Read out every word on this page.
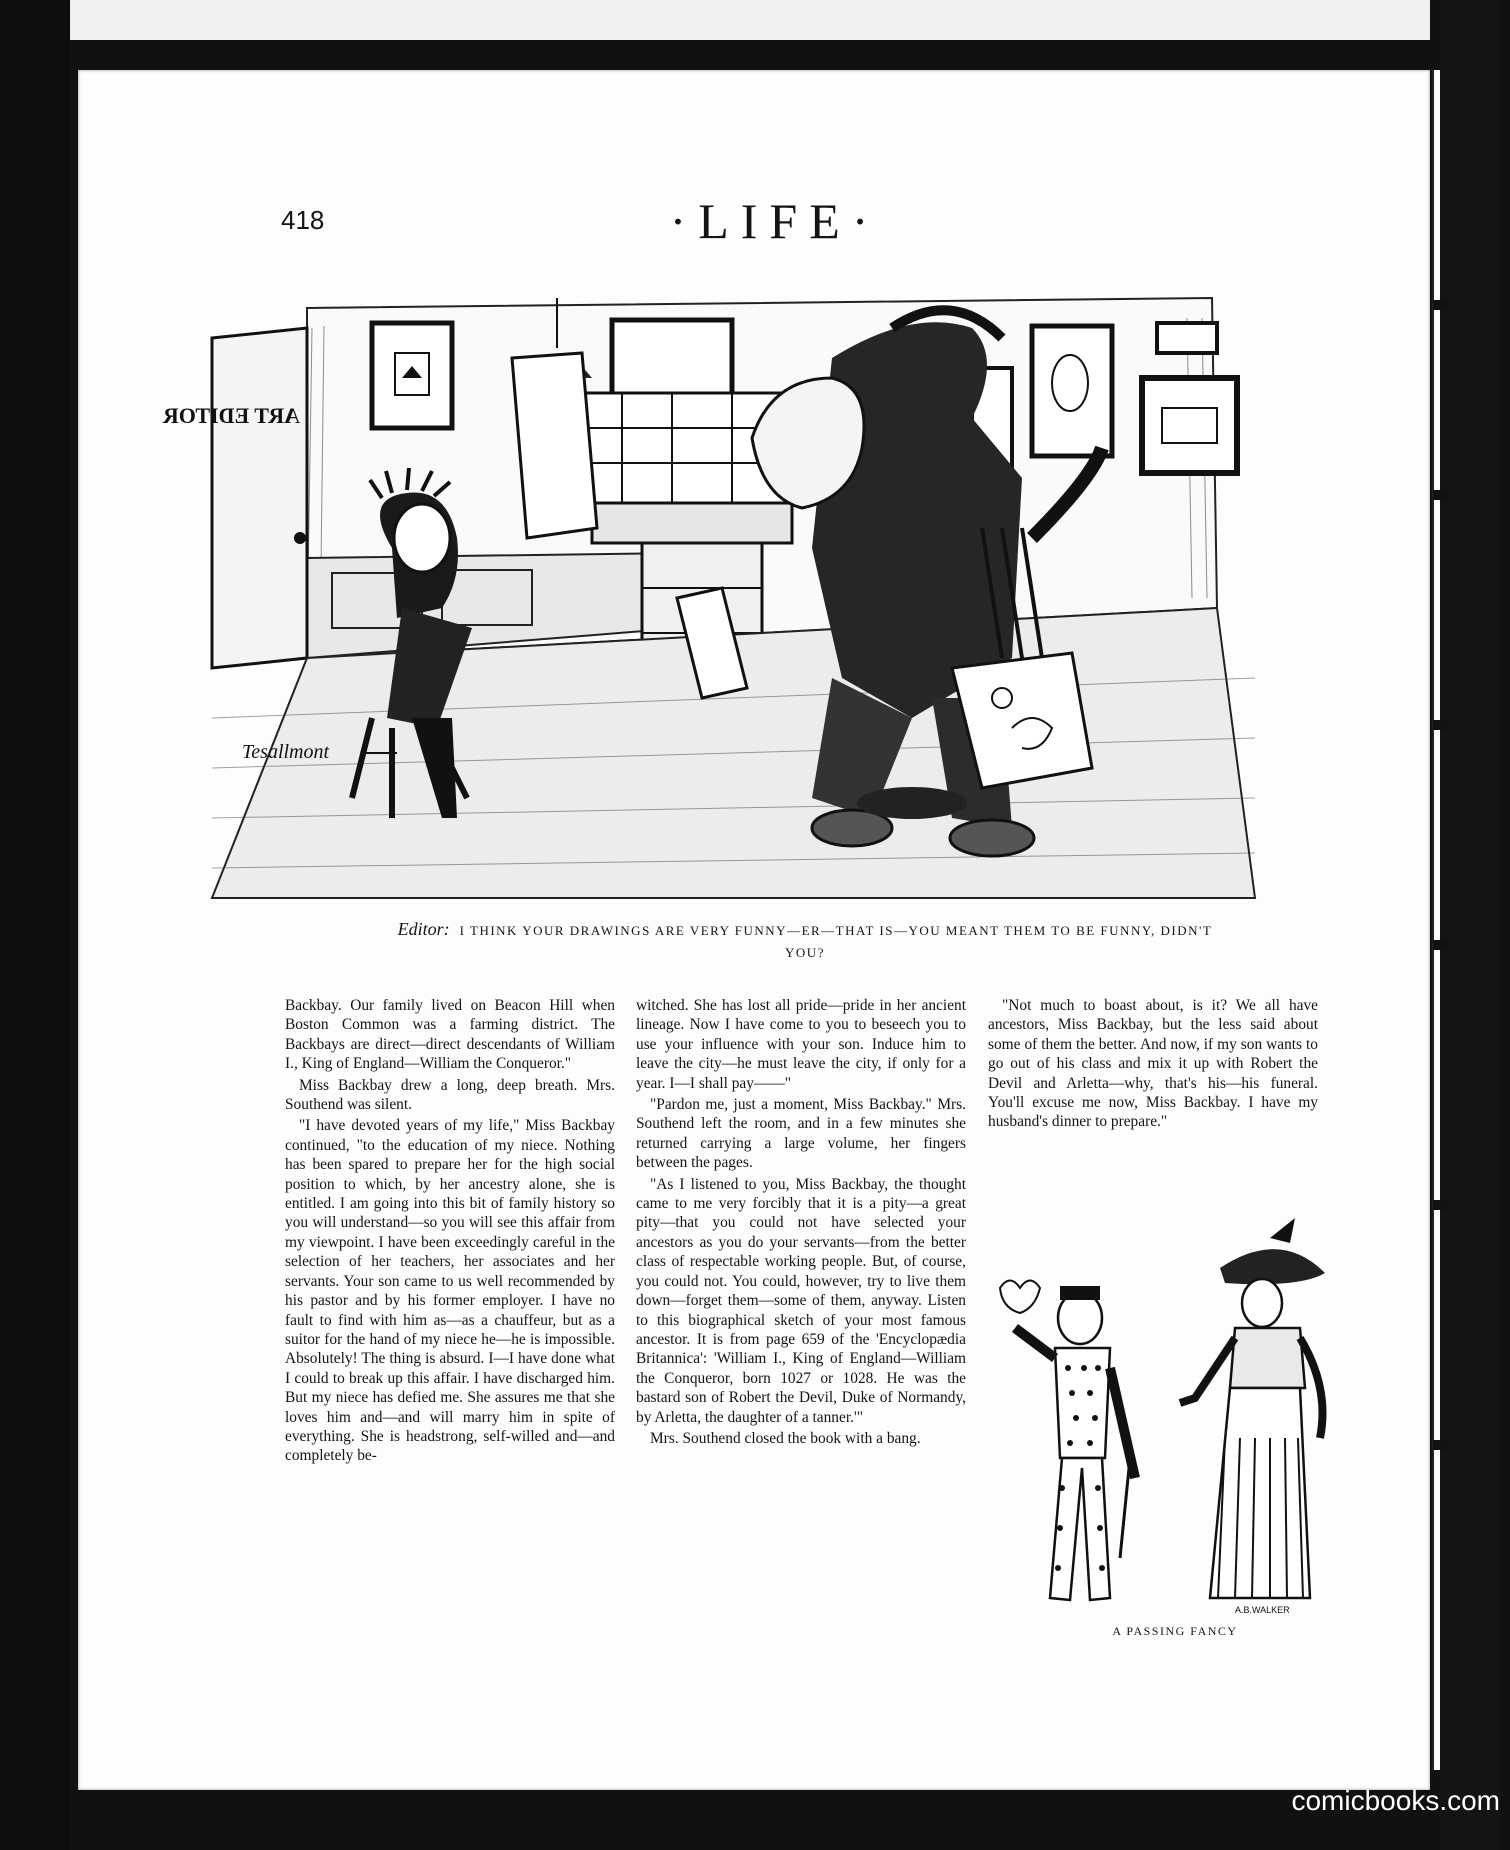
418	·LIFE·
ART EDITOR
Tesallmont
Editor: I THINK YOUR DRAWINGS ARE VERY FUNNY—ER—THAT IS—YOU MEANT THEM TO BE FUNNY, DIDN'T YOU?

Backbay. Our family lived on Beacon Hill when Boston Common was a farming district. The Backbays are direct—direct descendants of William I., King of England—William the Conqueror."

Miss Backbay drew a long, deep breath. Mrs. Southend was silent.

"I have devoted years of my life," Miss Backbay continued, "to the education of my niece. Nothing has been spared to prepare her for the high social position to which, by her ancestry alone, she is entitled. I am going into this bit of family history so you will understand—so you will see this affair from my viewpoint. I have been exceedingly careful in the selection of her teachers, her associates and her servants. Your son came to us well recommended by his pastor and by his former employer. I have no fault to find with him as—as a chauffeur, but as a suitor for the hand of my niece he—he is impossible. Absolutely! The thing is absurd. I—I have done what I could to break up this affair. I have discharged him. But my niece has defied me. She assures me that she loves him and—and will marry him in spite of everything. She is headstrong, self-willed and—and completely be-

witched. She has lost all pride—pride in her ancient lineage. Now I have come to you to beseech you to use your influence with your son. Induce him to leave the city—he must leave the city, if only for a year. I—I shall pay——"

"Pardon me, just a moment, Miss Backbay." Mrs. Southend left the room, and in a few minutes she returned carrying a large volume, her fingers between the pages.

"As I listened to you, Miss Backbay, the thought came to me very forcibly that it is a pity—a great pity—that you could not have selected your ancestors as you do your servants—from the better class of respectable working people. But, of course, you could not. You could, however, try to live them down—forget them—some of them, anyway. Listen to this biographical sketch of your most famous ancestor. It is from page 659 of the 'Encyclopædia Britannica': 'William I., King of England—William the Conqueror, born 1027 or 1028. He was the bastard son of Robert the Devil, Duke of Normandy, by Arletta, the daughter of a tanner.'"

Mrs. Southend closed the book with a bang.

"Not much to boast about, is it? We all have ancestors, Miss Backbay, but the less said about some of them the better. And now, if my son wants to go out of his class and mix it up with Robert the Devil and Arletta—why, that's his—his funeral. You'll excuse me now, Miss Backbay. I have my husband's dinner to prepare."

A.B.WALKER
A PASSING FANCY
comicbooks.com
